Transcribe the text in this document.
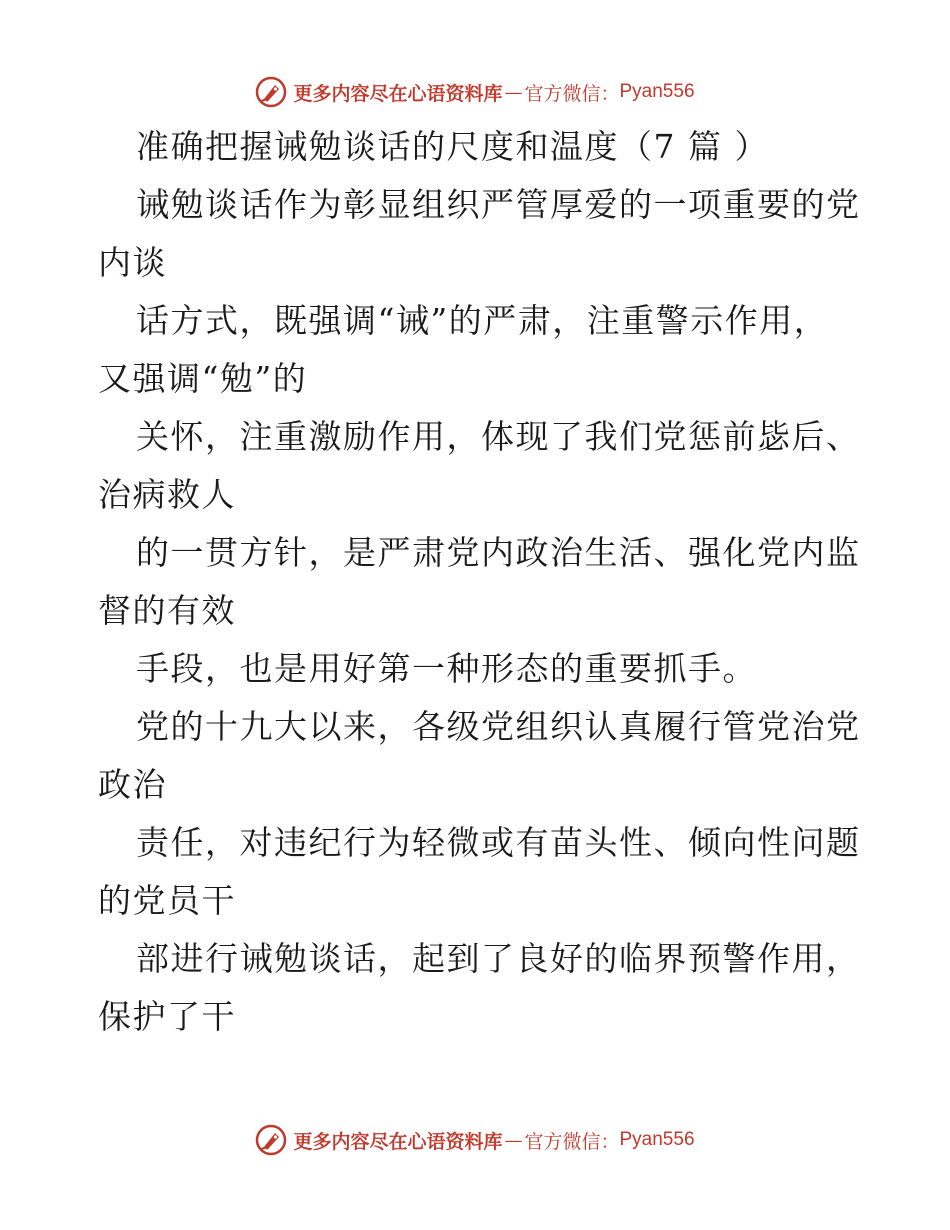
更多内容尽在心语资料库 — 官方微信： Pyan556
准确把握诫勉谈话的尺度和温度（7 篇 ）
诫勉谈话作为彰显组织严管厚爱的一项重要的党
内谈
话方式，既强调“诫”的严肃，注重警示作用，
又强调“勉”的
关怀，注重激励作用，体现了我们党惩前毖后、
治病救人
的一贯方针，是严肃党内政治生活、强化党内监
督的有效
手段，也是用好第一种形态的重要抓手。
党的十九大以来，各级党组织认真履行管党治党
政治
责任，对违纪行为轻微或有苗头性、倾向性问题
的党员干
部进行诫勉谈话，起到了良好的临界预警作用，
保护了干
更多内容尽在心语资料库 — 官方微信： Pyan556
